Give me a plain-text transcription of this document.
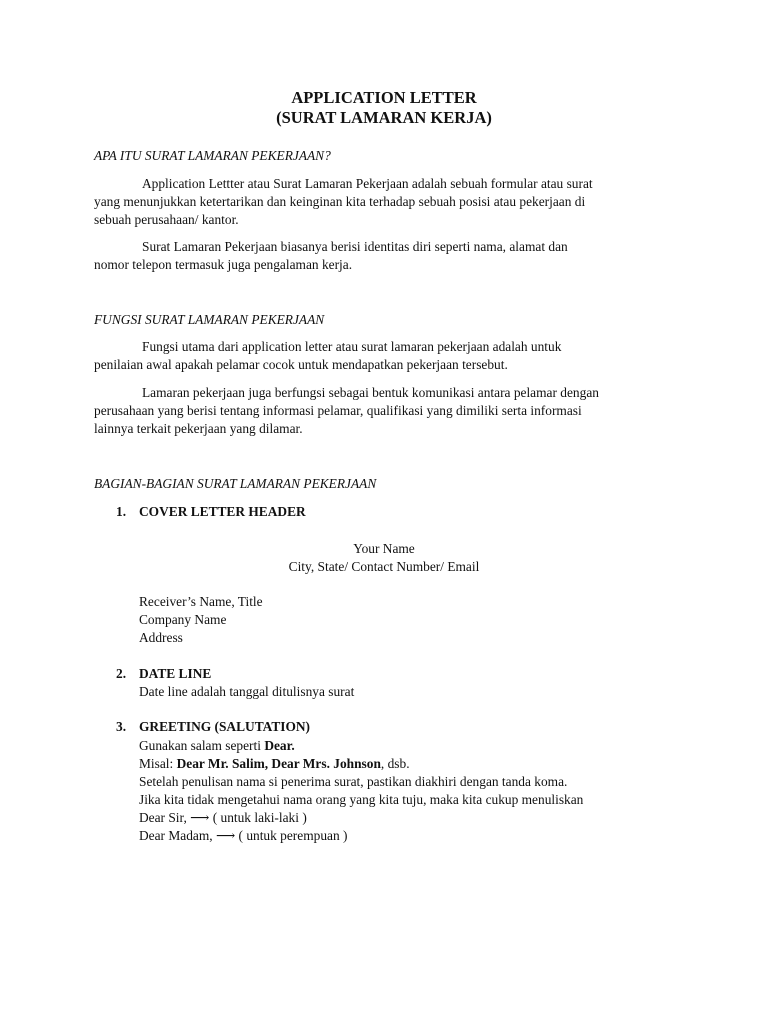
APPLICATION LETTER
(SURAT LAMARAN KERJA)
APA ITU SURAT LAMARAN PEKERJAAN?
Application Lettter atau Surat Lamaran Pekerjaan adalah sebuah formular atau surat
yang menunjukkan ketertarikan dan keinginan kita terhadap sebuah posisi atau pekerjaan di
sebuah perusahaan/ kantor.
Surat Lamaran Pekerjaan biasanya berisi identitas diri seperti nama, alamat dan
nomor telepon termasuk juga pengalaman kerja.
FUNGSI SURAT LAMARAN PEKERJAAN
Fungsi utama dari application letter atau surat lamaran pekerjaan adalah untuk
penilaian awal apakah pelamar cocok untuk mendapatkan pekerjaan tersebut.
Lamaran pekerjaan juga berfungsi sebagai bentuk komunikasi antara pelamar dengan
perusahaan yang berisi tentang informasi pelamar, qualifikasi yang dimiliki serta informasi
lainnya terkait pekerjaan yang dilamar.
BAGIAN-BAGIAN SURAT LAMARAN PEKERJAAN
1. COVER LETTER HEADER
Your Name
City, State/ Contact Number/ Email
Receiver’s Name, Title
Company Name
Address
2. DATE LINE
Date line adalah tanggal ditulisnya surat
3. GREETING (SALUTATION)
Gunakan salam seperti Dear.
Misal: Dear Mr. Salim, Dear Mrs. Johnson, dsb.
Setelah penulisan nama si penerima surat, pastikan diakhiri dengan tanda koma.
Jika kita tidak mengetahui nama orang yang kita tuju, maka kita cukup menuliskan
Dear Sir, ⟶ ( untuk laki-laki )
Dear Madam, ⟶ ( untuk perempuan )
